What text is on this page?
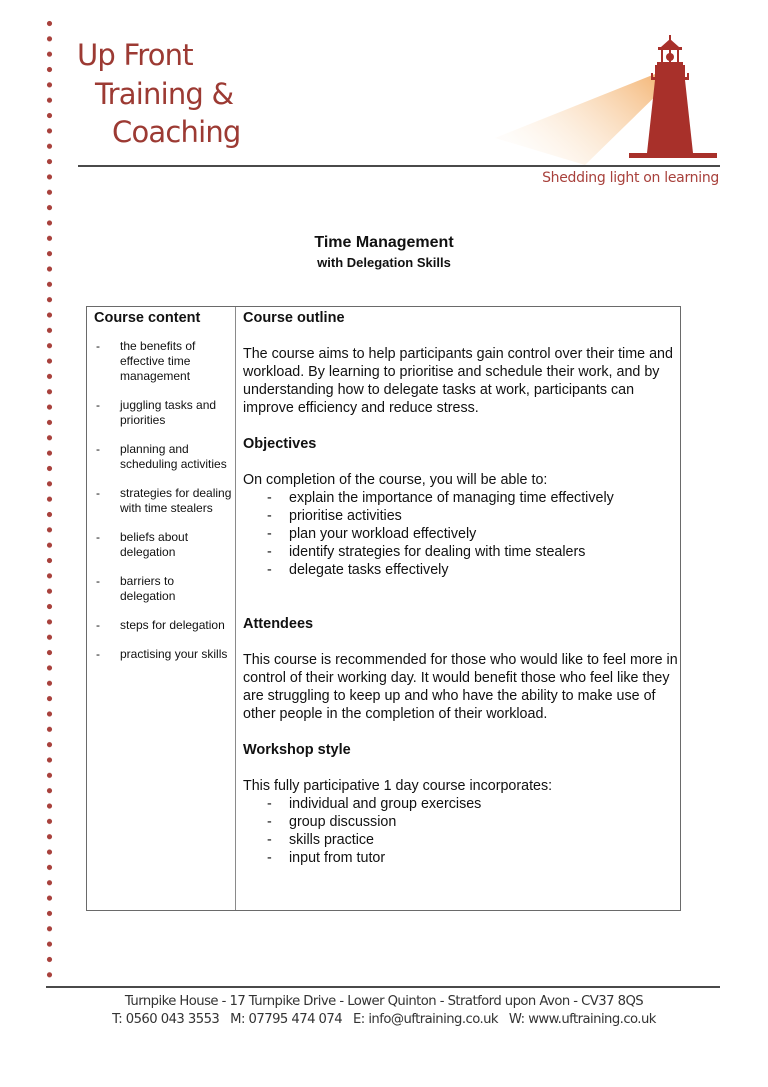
Up Front
Training &
Coaching
Shedding light on learning
Time Management
with Delegation Skills

Course content

- the benefits of effective time management
- juggling tasks and priorities
- planning and scheduling activities
- strategies for dealing with time stealers
- beliefs about delegation
- barriers to delegation
- steps for delegation
- practising your skills

Course outline

The course aims to help participants gain control over their time and workload. By learning to prioritise and schedule their work, and by understanding how to delegate tasks at work, participants can improve efficiency and reduce stress.

Objectives

On completion of the course, you will be able to:

- explain the importance of managing time effectively
- prioritise activities
- plan your workload effectively
- identify strategies for dealing with time stealers
- delegate tasks effectively

Attendees

This course is recommended for those who would like to feel more in control of their working day. It would benefit those who feel like they are struggling to keep up and who have the ability to make use of other people in the completion of their workload.

Workshop style

This fully participative 1 day course incorporates:

- individual and group exercises
- group discussion
- skills practice
- input from tutor
Turnpike House - 17 Turnpike Drive - Lower Quinton - Stratford upon Avon - CV37 8QS
T: 0560 043 3553   M: 07795 474 074   E: info@uftraining.co.uk   W: www.uftraining.co.uk
